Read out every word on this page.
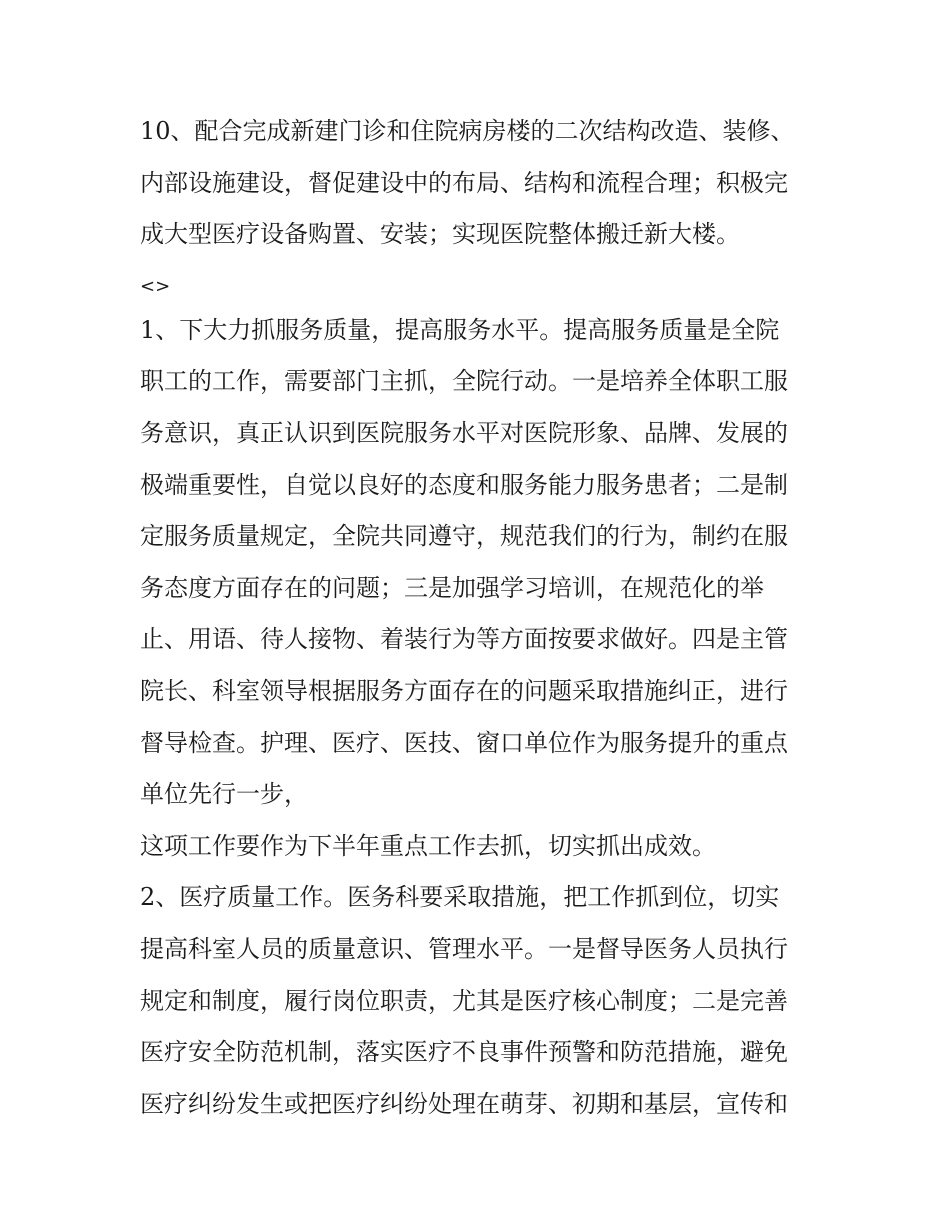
10、配合完成新建门诊和住院病房楼的二次结构改造、装修、
内部设施建设，督促建设中的布局、结构和流程合理；积极完
成大型医疗设备购置、安装；实现医院整体搬迁新大楼。
<>
1、下大力抓服务质量，提高服务水平。提高服务质量是全院
职工的工作，需要部门主抓，全院行动。一是培养全体职工服
务意识，真正认识到医院服务水平对医院形象、品牌、发展的
极端重要性，自觉以良好的态度和服务能力服务患者；二是制
定服务质量规定，全院共同遵守，规范我们的行为，制约在服
务态度方面存在的问题；三是加强学习培训，在规范化的举
止、用语、待人接物、着装行为等方面按要求做好。四是主管
院长、科室领导根据服务方面存在的问题采取措施纠正，进行
督导检查。护理、医疗、医技、窗口单位作为服务提升的重点
单位先行一步，
这项工作要作为下半年重点工作去抓，切实抓出成效。
2、医疗质量工作。医务科要采取措施，把工作抓到位，切实
提高科室人员的质量意识、管理水平。一是督导医务人员执行
规定和制度，履行岗位职责，尤其是医疗核心制度；二是完善
医疗安全防范机制，落实医疗不良事件预警和防范措施，避免
医疗纠纷发生或把医疗纠纷处理在萌芽、初期和基层，宣传和
